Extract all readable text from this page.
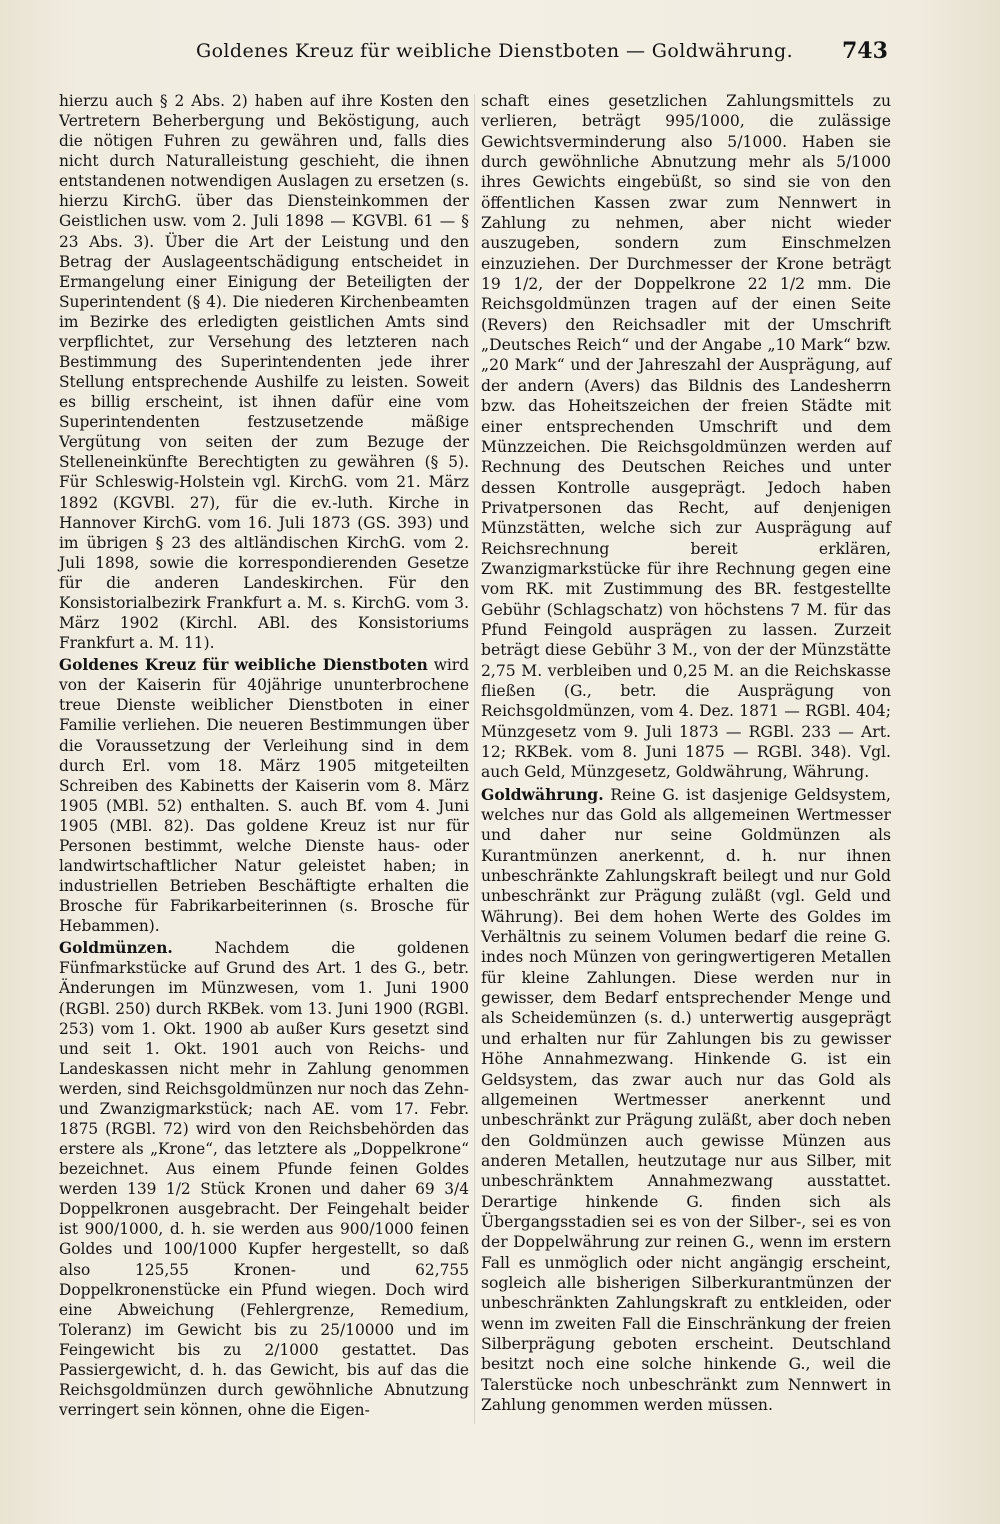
Goldenes Kreuz für weibliche Dienstboten — Goldwährung. 743

hierzu auch § 2 Abs. 2) haben auf ihre Kosten den Vertretern Beherbergung und Beköstigung, auch die nötigen Fuhren zu gewähren und, falls dies nicht durch Naturalleistung geschieht, die ihnen entstandenen notwendigen Auslagen zu ersetzen (s. hierzu KirchG. über das Diensteinkommen der Geistlichen usw. vom 2. Juli 1898 — KGVBl. 61 — § 23 Abs. 3). Über die Art der Leistung und den Betrag der Auslageentschädigung entscheidet in Ermangelung einer Einigung der Beteiligten der Superintendent (§ 4). Die niederen Kirchenbeamten im Bezirke des erledigten geistlichen Amts sind verpflichtet, zur Versehung des letzteren nach Bestimmung des Superintendenten jede ihrer Stellung entsprechende Aushilfe zu leisten. Soweit es billig erscheint, ist ihnen dafür eine vom Superintendenten festzusetzende mäßige Vergütung von seiten der zum Bezuge der Stelleneinkünfte Berechtigten zu gewähren (§ 5). Für Schleswig-Holstein vgl. KirchG. vom 21. März 1892 (KGVBl. 27), für die ev.-luth. Kirche in Hannover KirchG. vom 16. Juli 1873 (GS. 393) und im übrigen § 23 des altländischen KirchG. vom 2. Juli 1898, sowie die korrespondierenden Gesetze für die anderen Landeskirchen. Für den Konsistorialbezirk Frankfurt a. M. s. KirchG. vom 3. März 1902 (Kirchl. ABl. des Konsistoriums Frankfurt a. M. 11).

Goldenes Kreuz für weibliche Dienstboten wird von der Kaiserin für 40jährige ununterbrochene treue Dienste weiblicher Dienstboten in einer Familie verliehen. Die neueren Bestimmungen über die Voraussetzung der Verleihung sind in dem durch Erl. vom 18. März 1905 mitgeteilten Schreiben des Kabinetts der Kaiserin vom 8. März 1905 (MBl. 52) enthalten. S. auch Bf. vom 4. Juni 1905 (MBl. 82). Das goldene Kreuz ist nur für Personen bestimmt, welche Dienste haus- oder landwirtschaftlicher Natur geleistet haben; in industriellen Betrieben Beschäftigte erhalten die Brosche für Fabrikarbeiterinnen (s. Brosche für Hebammen).

Goldmünzen.	Nachdem die goldenen Fünfmarkstücke auf Grund des Art. 1 des G., betr. Änderungen im Münzwesen, vom 1. Juni 1900 (RGBl. 250) durch RKBek. vom 13. Juni 1900 (RGBl. 253) vom 1. Okt. 1900 ab außer Kurs gesetzt sind und seit 1. Okt. 1901 auch von Reichs- und Landeskassen nicht mehr in Zahlung genommen werden, sind Reichsgoldmünzen nur noch das Zehn- und Zwanzigmarkstück; nach AE. vom 17. Febr. 1875 (RGBl. 72) wird von den Reichsbehörden das erstere als „Krone“, das letztere als „Doppelkrone“ bezeichnet. Aus einem Pfunde feinen Goldes werden 139 1/2 Stück Kronen und daher 69 3/4 Doppelkronen ausgebracht. Der Feingehalt beider ist 900/1000, d. h. sie werden aus 900/1000 feinen Goldes und 100/1000 Kupfer hergestellt, so daß also 125,55 Kronen- und 62,755 Doppelkronenstücke ein Pfund wiegen. Doch wird eine Abweichung (Fehlergrenze, Remedium, Toleranz) im Gewicht bis zu 25/10000 und im Feingewicht bis zu 2/1000 gestattet. Das Passiergewicht, d. h. das Gewicht, bis auf das die Reichsgoldmünzen durch gewöhnliche Abnutzung verringert sein können, ohne die Eigen-

schaft eines gesetzlichen Zahlungsmittels zu verlieren, beträgt 995/1000, die zulässige Gewichtsverminderung also 5/1000. Haben sie durch gewöhnliche Abnutzung mehr als 5/1000 ihres Gewichts eingebüßt, so sind sie von den öffentlichen Kassen zwar zum Nennwert in Zahlung zu nehmen, aber nicht wieder auszugeben, sondern zum Einschmelzen einzuziehen. Der Durchmesser der Krone beträgt 19 1/2, der der Doppelkrone 22 1/2 mm. Die Reichsgoldmünzen tragen auf der einen Seite (Revers) den Reichsadler mit der Umschrift „Deutsches Reich“ und der Angabe „10 Mark“ bzw. „20 Mark“ und der Jahreszahl der Ausprägung, auf der andern (Avers) das Bildnis des Landesherrn bzw. das Hoheitszeichen der freien Städte mit einer entsprechenden Umschrift und dem Münzzeichen. Die Reichsgoldmünzen werden auf Rechnung des Deutschen Reiches und unter dessen Kontrolle ausgeprägt. Jedoch haben Privatpersonen das Recht, auf denjenigen Münzstätten, welche sich zur Ausprägung auf Reichsrechnung bereit erklären, Zwanzigmarkstücke für ihre Rechnung gegen eine vom RK. mit Zustimmung des BR. festgestellte Gebühr (Schlagschatz) von höchstens 7 M. für das Pfund Feingold ausprägen zu lassen. Zurzeit beträgt diese Gebühr 3 M., von der der Münzstätte 2,75 M. verbleiben und 0,25 M. an die Reichskasse fließen (G., betr. die Ausprägung von Reichsgoldmünzen, vom 4. Dez. 1871 — RGBl. 404; Münzgesetz vom 9. Juli 1873 — RGBl. 233 — Art. 12; RKBek. vom 8. Juni 1875 — RGBl. 348). Vgl. auch Geld, Münzgesetz, Goldwährung, Währung.

Goldwährung. Reine G. ist dasjenige Geldsystem, welches nur das Gold als allgemeinen Wertmesser und daher nur seine Goldmünzen als Kurantmünzen anerkennt, d. h. nur ihnen unbeschränkte Zahlungskraft beilegt und nur Gold unbeschränkt zur Prägung zuläßt (vgl. Geld und Währung). Bei dem hohen Werte des Goldes im Verhältnis zu seinem Volumen bedarf die reine G. indes noch Münzen von geringwertigeren Metallen für kleine Zahlungen. Diese werden nur in gewisser, dem Bedarf entsprechender Menge und als Scheidemünzen (s. d.) unterwertig ausgeprägt und erhalten nur für Zahlungen bis zu gewisser Höhe Annahmezwang. Hinkende G. ist ein Geldsystem, das zwar auch nur das Gold als allgemeinen Wertmesser anerkennt und unbeschränkt zur Prägung zuläßt, aber doch neben den Goldmünzen auch gewisse Münzen aus anderen Metallen, heutzutage nur aus Silber, mit unbeschränktem Annahmezwang ausstattet. Derartige hinkende G. finden sich als Übergangsstadien sei es von der Silber-, sei es von der Doppelwährung zur reinen G., wenn im erstern Fall es unmöglich oder nicht angängig erscheint, sogleich alle bisherigen Silberkurantmünzen der unbeschränkten Zahlungskraft zu entkleiden, oder wenn im zweiten Fall die Einschränkung der freien Silberprägung geboten erscheint. Deutschland besitzt noch eine solche hinkende G., weil die Talerstücke noch unbeschränkt zum Nennwert in Zahlung genommen werden müssen.
